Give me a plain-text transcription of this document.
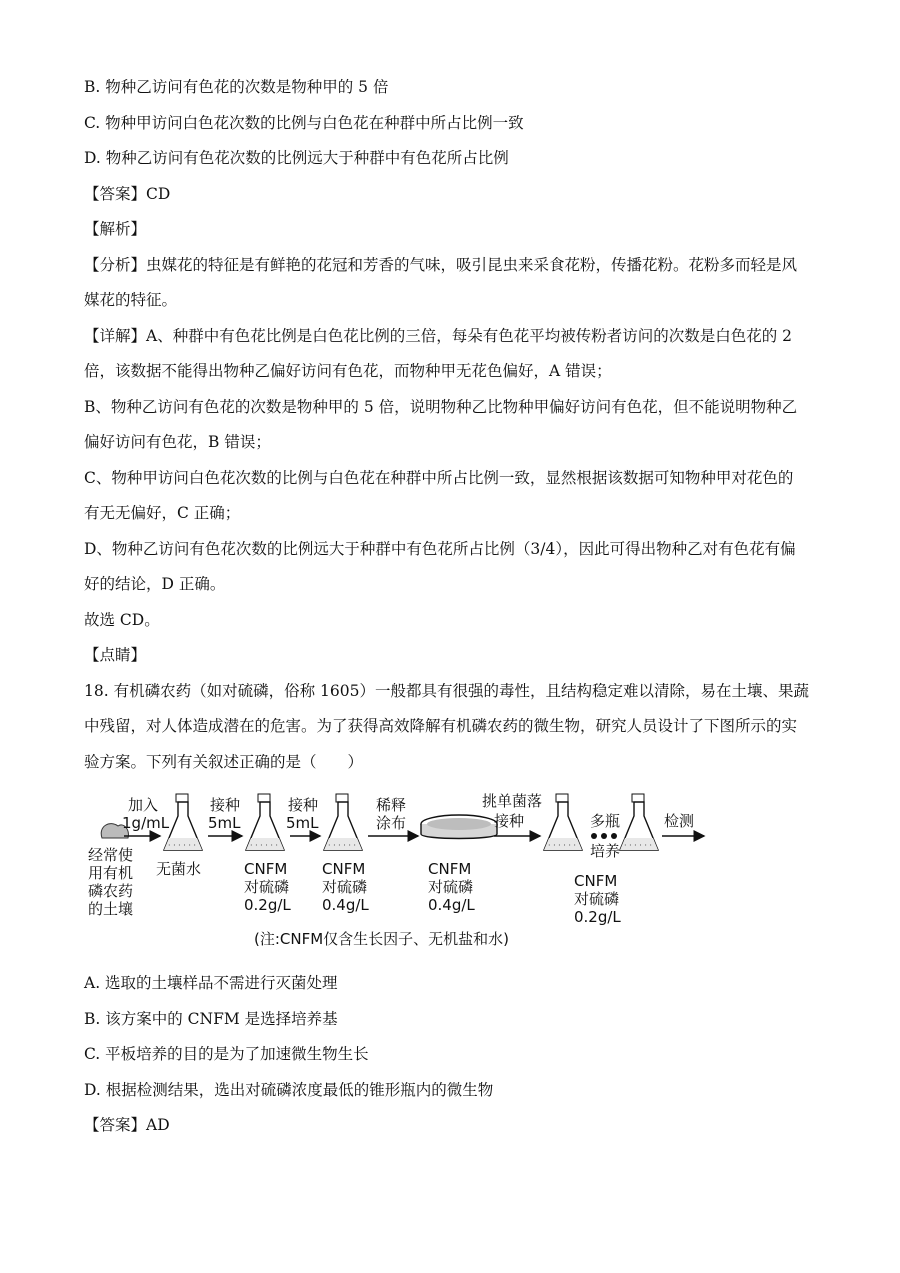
B. 物种乙访问有色花的次数是物种甲的 5 倍
C. 物种甲访问白色花次数的比例与白色花在种群中所占比例一致
D. 物种乙访问有色花次数的比例远大于种群中有色花所占比例
【答案】CD
【解析】
【分析】虫媒花的特征是有鲜艳的花冠和芳香的气味，吸引昆虫来采食花粉，传播花粉。花粉多而轻是风
媒花的特征。
【详解】A、种群中有色花比例是白色花比例的三倍，每朵有色花平均被传粉者访问的次数是白色花的 2
倍，该数据不能得出物种乙偏好访问有色花，而物种甲无花色偏好，A 错误；
B、物种乙访问有色花的次数是物种甲的 5 倍，说明物种乙比物种甲偏好访问有色花，但不能说明物种乙
偏好访问有色花，B 错误；
C、物种甲访问白色花次数的比例与白色花在种群中所占比例一致，显然根据该数据可知物种甲对花色的
有无无偏好，C 正确；
D、物种乙访问有色花次数的比例远大于种群中有色花所占比例（3/4），因此可得出物种乙对有色花有偏
好的结论，D 正确。
故选 CD。
【点睛】
18. 有机磷农药（如对硫磷，俗称 1605）一般都具有很强的毒性，且结构稳定难以清除，易在土壤、果蔬
中残留，对人体造成潜在的危害。为了获得高效降解有机磷农药的微生物，研究人员设计了下图所示的实
验方案。下列有关叙述正确的是（　　）
经常使
用有机
磷农药
的土壤
加入
1g/mL
· · · · · ·
无菌水
接种
5mL
· · · · · ·
CNFM
对硫磷
0.2g/L
接种
5mL
· · · · · ·
CNFM
对硫磷
0.4g/L
稀释
涂布
CNFM
对硫磷
0.4g/L
挑单菌落
接种
· · · · · ·
多瓶
培养 · · · · · ·
CNFM
对硫磷
0.2g/L
检测
(注:CNFM仅含生长因子、无机盐和水)
A. 选取的土壤样品不需进行灭菌处理
B. 该方案中的 CNFM 是选择培养基
C. 平板培养的目的是为了加速微生物生长
D. 根据检测结果，选出对硫磷浓度最低的锥形瓶内的微生物
【答案】AD
